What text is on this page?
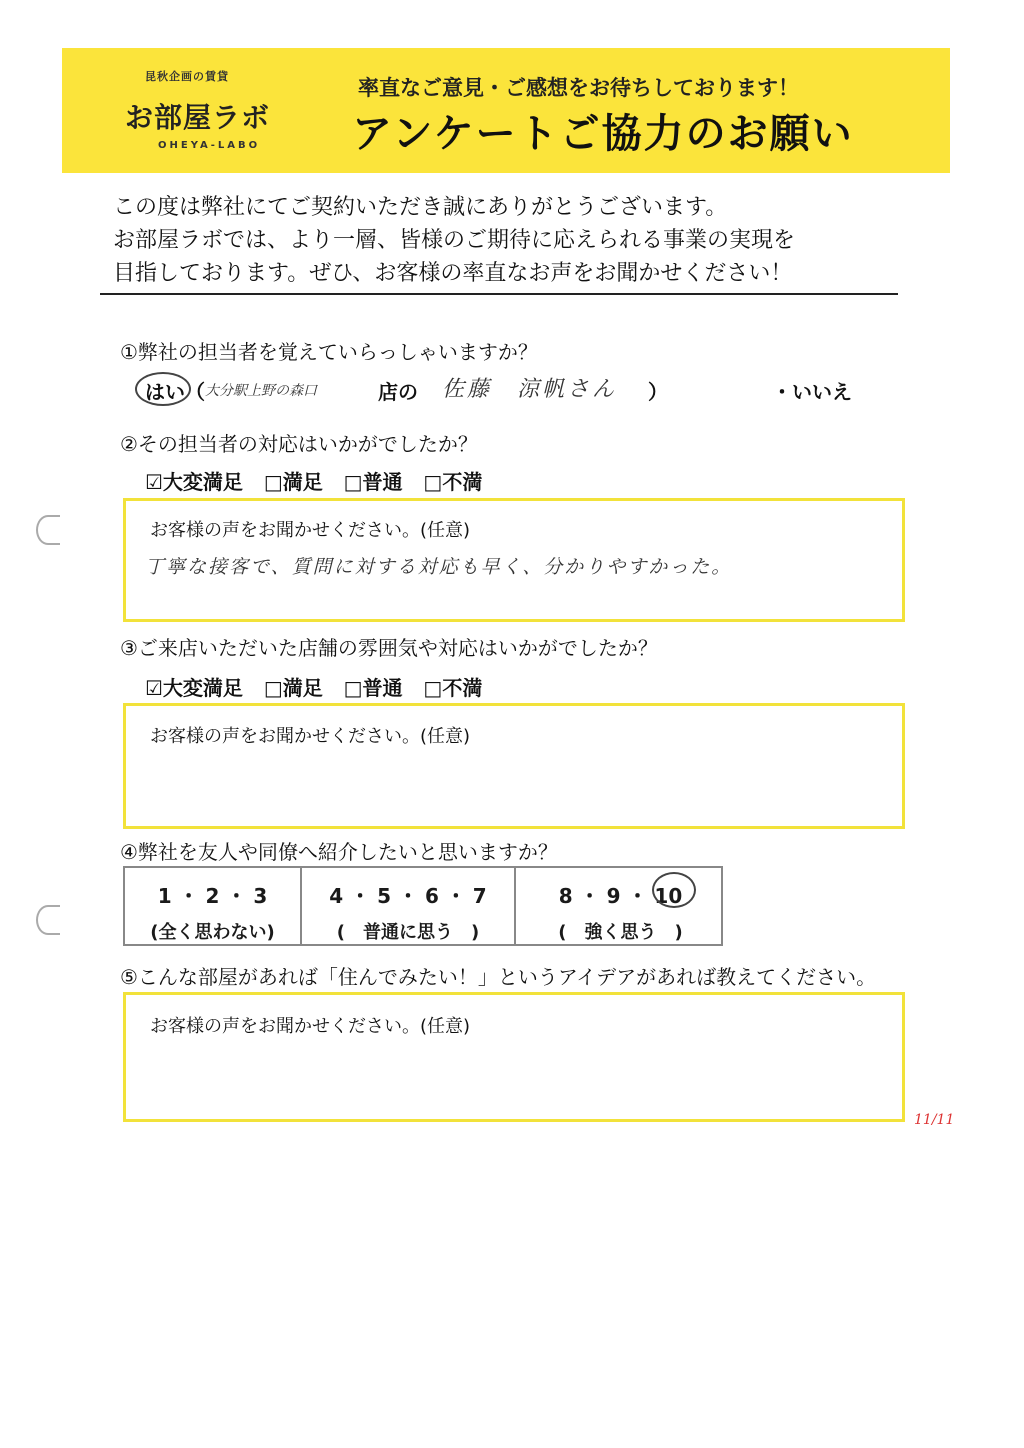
昆秋企画の賃貸
お部屋ラボ
OHEYA-LABO
率直なご意見・ご感想をお待ちしております！
アンケートご協力のお願い
この度は弊社にてご契約いただき誠にありがとうございます。
お部屋ラボでは、より一層、皆様のご期待に応えられる事業の実現を
目指しております。ぜひ、お客様の率直なお声をお聞かせください！
①弊社の担当者を覚えていらっしゃいますか？
はい（ 大分駅上野の森口	店の 佐藤　涼帆さん ）	・いいえ
②その担当者の対応はいかがでしたか？
☑大変満足 □満足 □普通 □不満
お客様の声をお聞かせください。(任意)
丁寧な接客で、質問に対する対応も早く、分かりやすかった。
③ご来店いただいた店舗の雰囲気や対応はいかがでしたか？
☑大変満足 □満足 □普通 □不満
お客様の声をお聞かせください。(任意)
④弊社を友人や同僚へ紹介したいと思いますか？
1 ・ 2 ・ 3
(全く思わない)
4 ・ 5 ・ 6 ・ 7
(　普通に思う　)
8 ・ 9 ・ 10
(　強く思う　)
⑤こんな部屋があれば「住んでみたい！」というアイデアがあれば教えてください。
お客様の声をお聞かせください。(任意)
11/11
